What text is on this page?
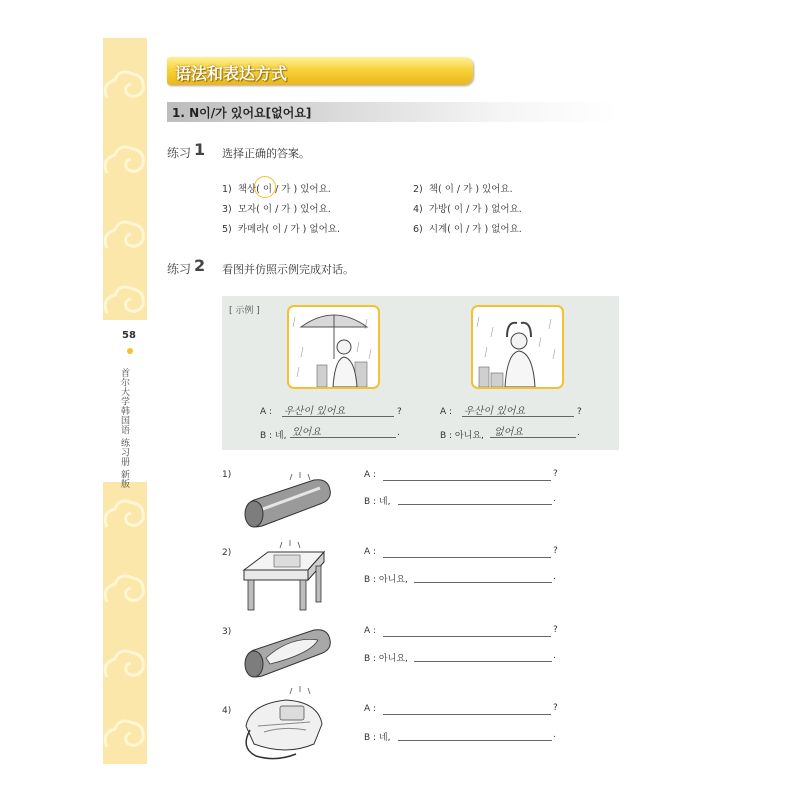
58
首尔大学韩国语 练习册 新版
语法和表达方式
1. N이/가 있어요[없어요]
练习 1 选择正确的答案。
1) 책상( 이 / 가 ) 있어요.	2) 책( 이 / 가 ) 있어요.
3) 모자( 이 / 가 ) 있어요.	4) 가방( 이 / 가 ) 없어요.
5) 카메라( 이 / 가 ) 없어요.	6) 시계( 이 / 가 ) 없어요.
练习 2 看图并仿照示例完成对话。
[ 示例 ]
A : 우산이 있어요	?
B : 네, 있어요	.
A : 우산이 있어요	?
B : 아니요, 없어요	.
1)	A :	?
B : 네,	.
2)	A :	?
B : 아니요,	.
3)	A :	?
B : 아니요,	.
4)	A :	?
B : 네,	.
